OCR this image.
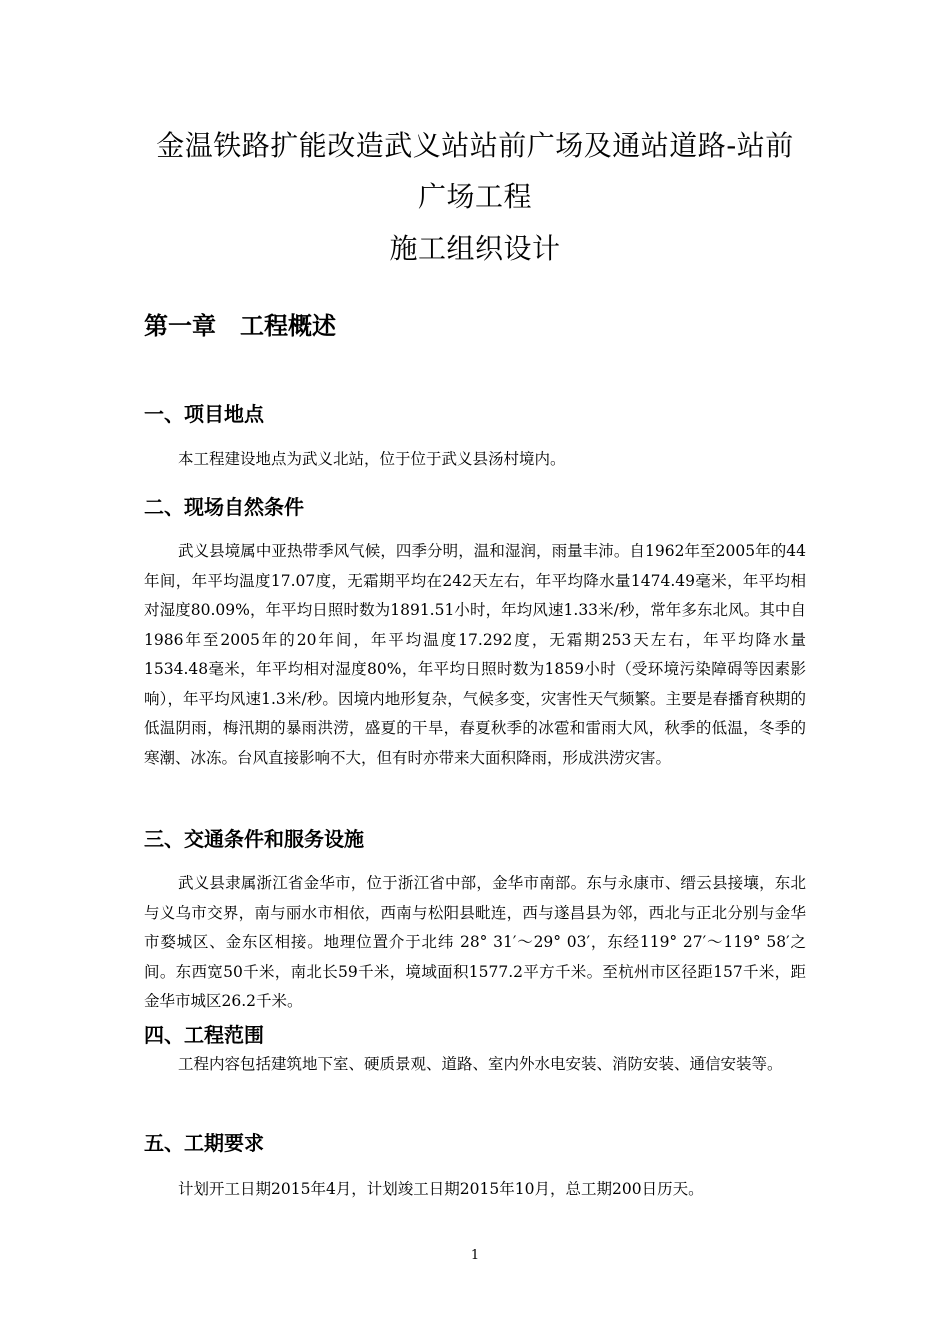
金温铁路扩能改造武义站站前广场及通站道路-站前
广场工程
施工组织设计
第一章　工程概述
一、项目地点

本工程建设地点为武义北站，位于位于武义县汤村境内。

二、现场自然条件

武义县境属中亚热带季风气候，四季分明，温和湿润，雨量丰沛。自1962年至2005年的44年间，年平均温度17.07度，无霜期平均在242天左右，年平均降水量1474.49毫米，年平均相对湿度80.09%，年平均日照时数为1891.51小时，年均风速1.33米/秒，常年多东北风。其中自1986年至2005年的20年间，年平均温度17.292度，无霜期253天左右，年平均降水量1534.48毫米，年平均相对湿度80%，年平均日照时数为1859小时（受环境污染障碍等因素影响），年平均风速1.3米/秒。因境内地形复杂，气候多变，灾害性天气频繁。主要是春播育秧期的低温阴雨，梅汛期的暴雨洪涝，盛夏的干旱，春夏秋季的冰雹和雷雨大风，秋季的低温，冬季的寒潮、冰冻。台风直接影响不大，但有时亦带来大面积降雨，形成洪涝灾害。

三、交通条件和服务设施

武义县隶属浙江省金华市，位于浙江省中部，金华市南部。东与永康市、缙云县接壤，东北与义乌市交界，南与丽水市相依，西南与松阳县毗连，西与遂昌县为邻，西北与正北分别与金华市婺城区、金东区相接。地理位置介于北纬 28° 31′～29° 03′，东经119° 27′～119° 58′之间。东西宽50千米，南北长59千米，境域面积1577.2平方千米。至杭州市区径距157千米，距金华市城区26.2千米。

四、工程范围

工程内容包括建筑地下室、硬质景观、道路、室内外水电安装、消防安装、通信安装等。

五、工期要求

计划开工日期2015年4月，计划竣工日期2015年10月，总工期200日历天。

1
